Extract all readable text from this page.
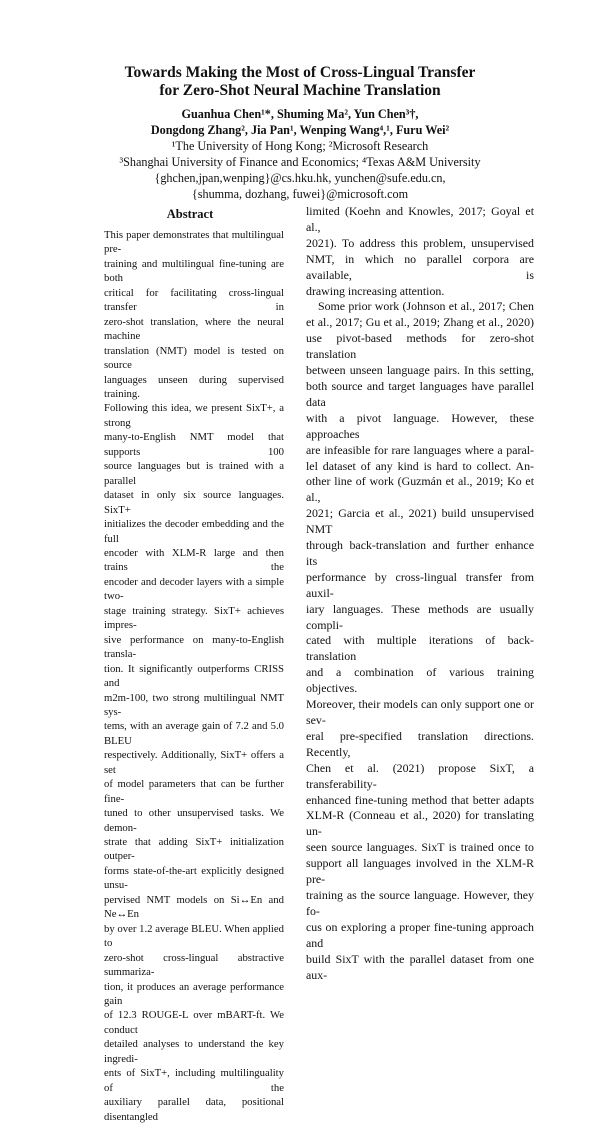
Towards Making the Most of Cross-Lingual Transfer
for Zero-Shot Neural Machine Translation
Guanhua Chen¹*, Shuming Ma², Yun Chen³†,
Dongdong Zhang², Jia Pan¹, Wenping Wang⁴,¹, Furu Wei²
¹The University of Hong Kong; ²Microsoft Research
³Shanghai University of Finance and Economics; ⁴Texas A&M University
{ghchen,jpan,wenping}@cs.hku.hk, yunchen@sufe.edu.cn,
{shumma, dozhang, fuwei}@microsoft.com
Abstract
This paper demonstrates that multilingual pre-
training and multilingual fine-tuning are both
critical for facilitating cross-lingual transfer in
zero-shot translation, where the neural machine
translation (NMT) model is tested on source
languages unseen during supervised training.
Following this idea, we present SixT+, a strong
many-to-English NMT model that supports 100
source languages but is trained with a parallel
dataset in only six source languages. SixT+
initializes the decoder embedding and the full
encoder with XLM-R large and then trains the
encoder and decoder layers with a simple two-
stage training strategy. SixT+ achieves impres-
sive performance on many-to-English transla-
tion. It significantly outperforms CRISS and
m2m-100, two strong multilingual NMT sys-
tems, with an average gain of 7.2 and 5.0 BLEU
respectively. Additionally, SixT+ offers a set
of model parameters that can be further fine-
tuned to other unsupervised tasks. We demon-
strate that adding SixT+ initialization outper-
forms state-of-the-art explicitly designed unsu-
pervised NMT models on Si↔En and Ne↔En
by over 1.2 average BLEU. When applied to
zero-shot cross-lingual abstractive summariza-
tion, it produces an average performance gain
of 12.3 ROUGE-L over mBART-ft. We conduct
detailed analyses to understand the key ingredi-
ents of SixT+, including multilinguality of the
auxiliary parallel data, positional disentangled
limited (Koehn and Knowles, 2017; Goyal et al.,
2021). To address this problem, unsupervised
NMT, in which no parallel corpora are available, is
drawing increasing attention.
Some prior work (Johnson et al., 2017; Chen
et al., 2017; Gu et al., 2019; Zhang et al., 2020)
use pivot-based methods for zero-shot translation
between unseen language pairs. In this setting,
both source and target languages have parallel data
with a pivot language. However, these approaches
are infeasible for rare languages where a paral-
lel dataset of any kind is hard to collect. An-
other line of work (Guzmán et al., 2019; Ko et al.,
2021; Garcia et al., 2021) build unsupervised NMT
through back-translation and further enhance its
performance by cross-lingual transfer from auxil-
iary languages. These methods are usually compli-
cated with multiple iterations of back-translation
and a combination of various training objectives.
Moreover, their models can only support one or sev-
eral pre-specified translation directions. Recently,
Chen et al. (2021) propose SixT, a transferability-
enhanced fine-tuning method that better adapts
XLM-R (Conneau et al., 2020) for translating un-
seen source languages. SixT is trained once to
support all languages involved in the XLM-R pre-
training as the source language. However, they fo-
cus on exploring a proper fine-tuning approach and
build SixT with the parallel dataset from one aux-
